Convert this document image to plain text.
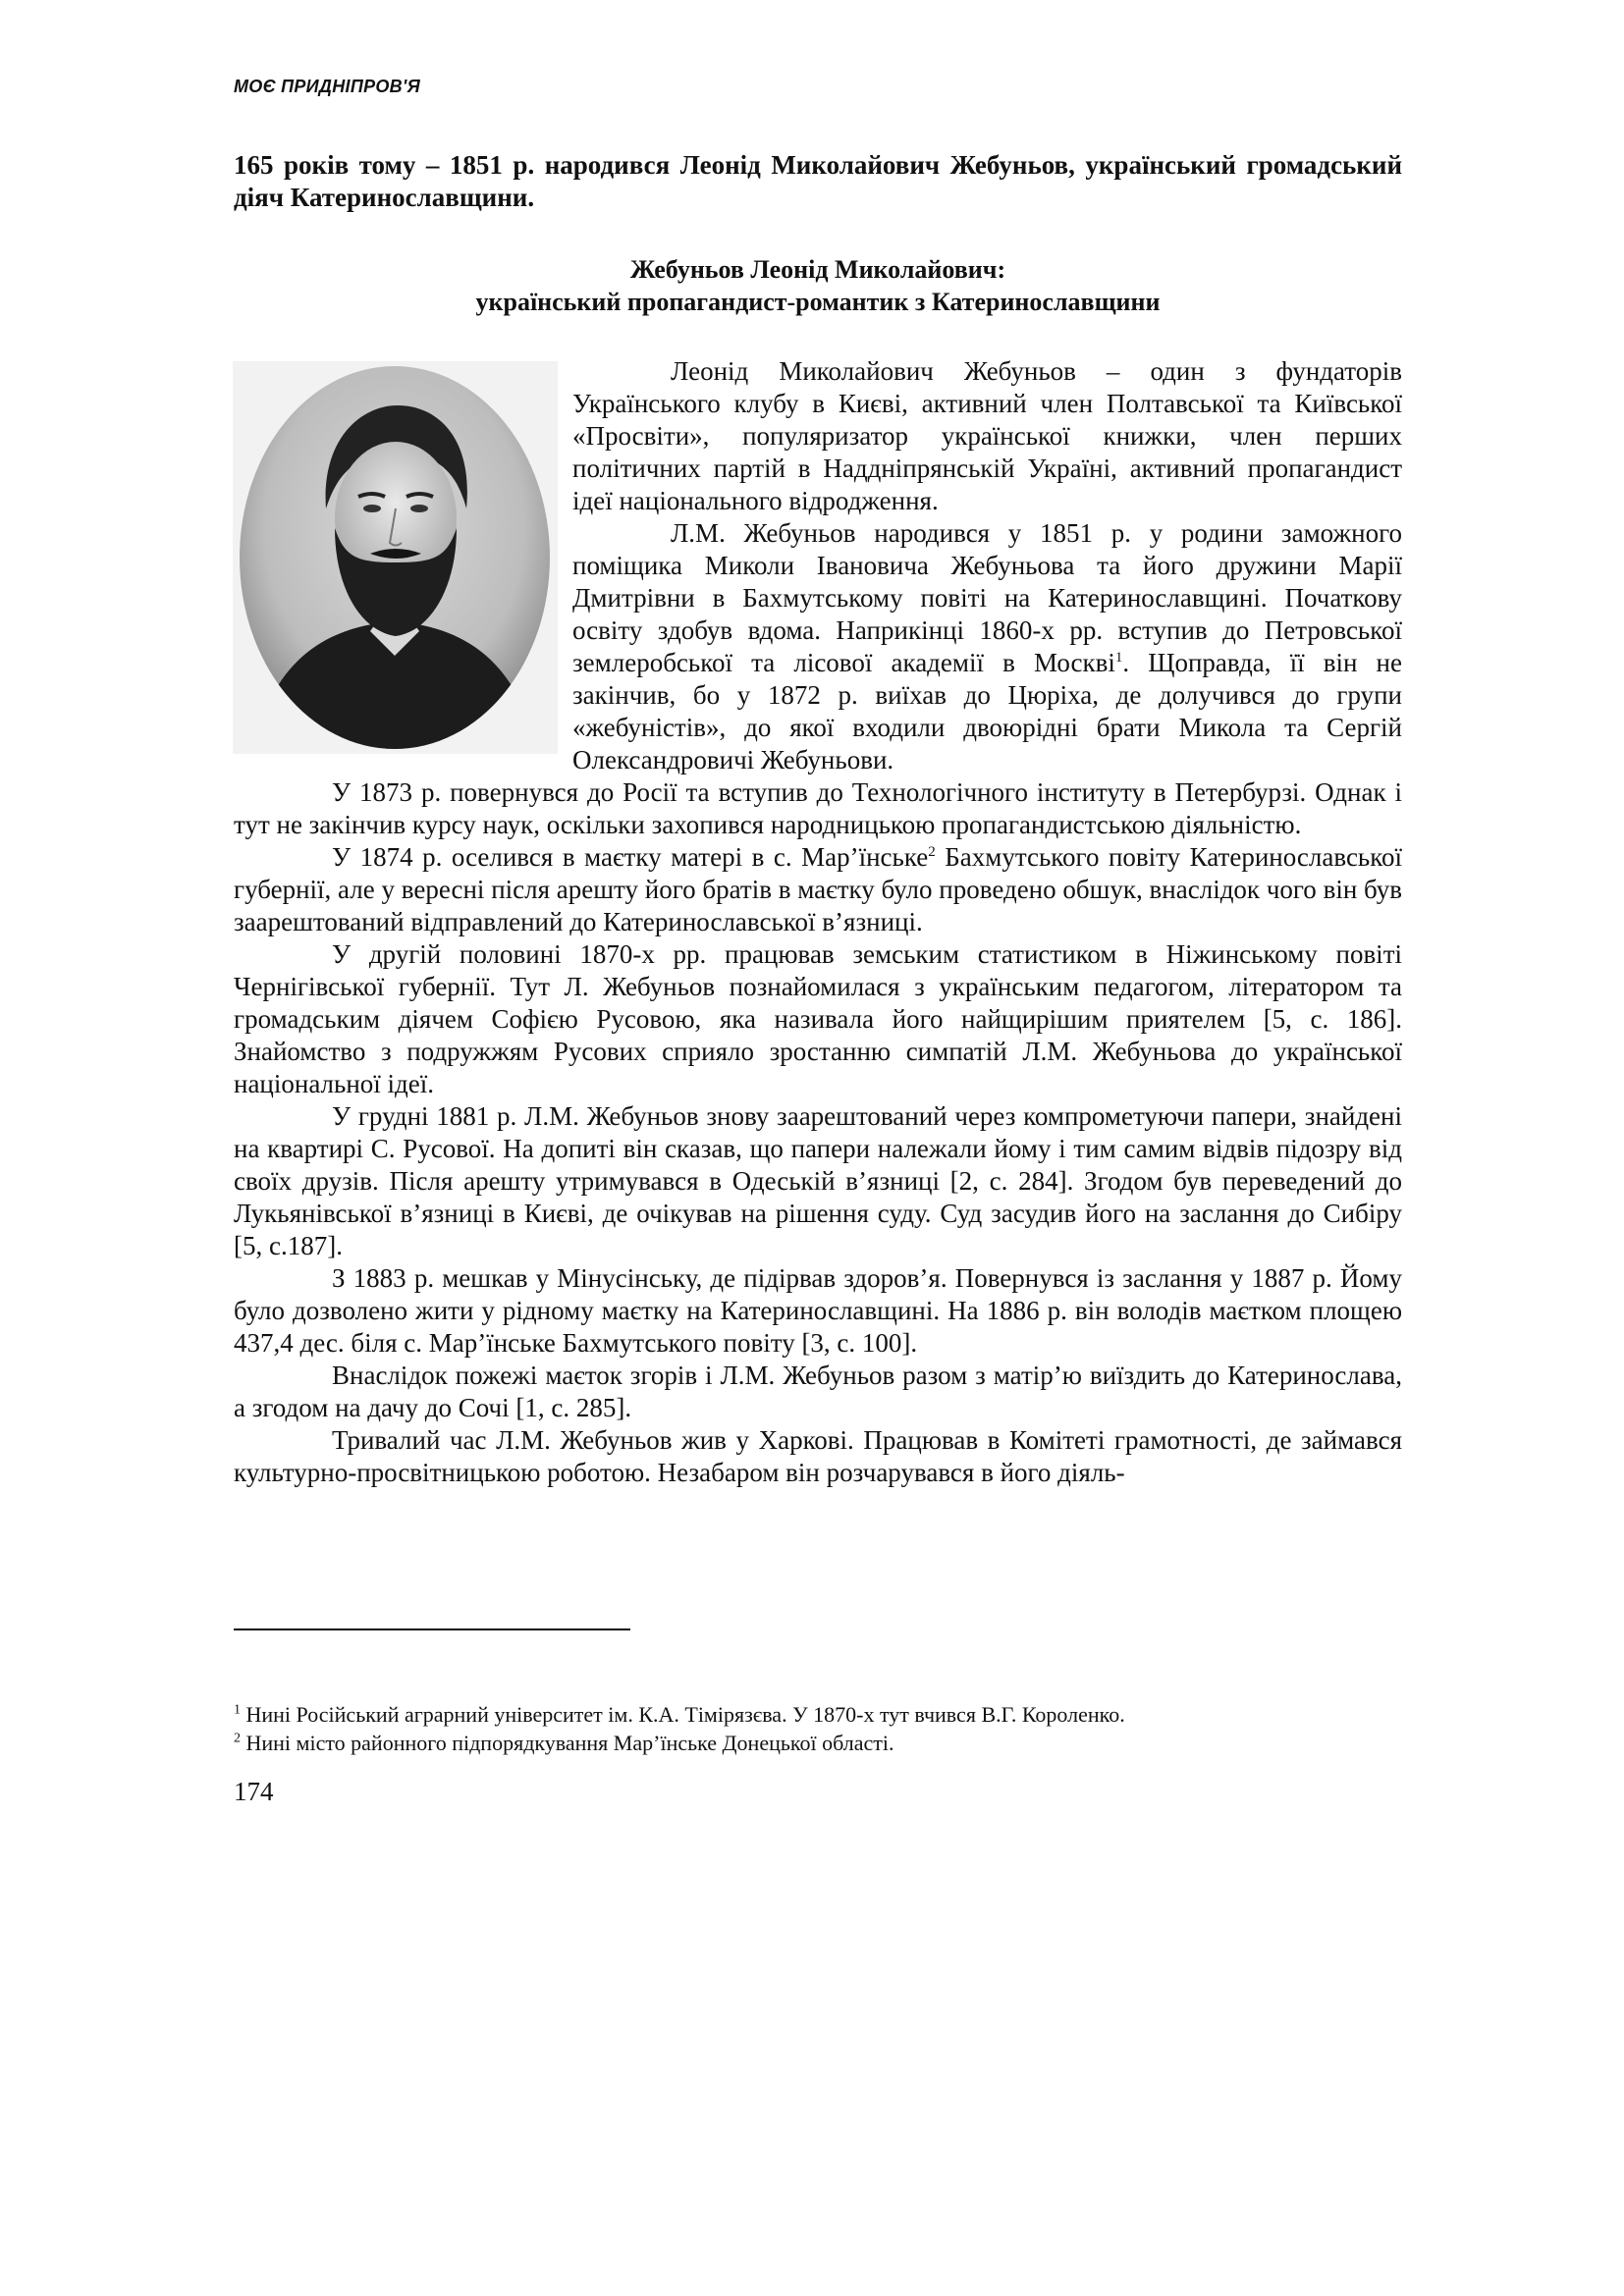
МОЄ ПРИДНІПРОВ'Я
165 років тому – 1851 р. народився Леонід Миколайович Жебуньов, український громадський діяч Катеринославщини.
Жебуньов Леонід Миколайович:
український пропагандист-романтик з Катеринославщини

Леонід Миколайович Жебуньов – один з фундаторів Українського клубу в Києві, активний член Полтавської та Київської «Просвіти», популяризатор української книжки, член перших політичних партій в Наддніпрянській Україні, активний пропагандист ідеї національного відродження.

Л.М. Жебуньов народився у 1851 р. у родини заможного поміщика Миколи Івановича Жебуньова та його дружини Марії Дмитрівни в Бахмутському повіті на Катеринославщині. Початкову освіту здобув вдома. Наприкінці 1860-х рр. вступив до Петровської землеробської та лісової академії в Москві$^1$. Щоправда, її він не закінчив, бо у 1872 р. виїхав до Цюріха, де долучився до групи «жебуністів», до якої входили двоюрідні брати Микола та Сергій Олександровичі Жебуньови.

У 1873 р. повернувся до Росії та вступив до Технологічного інституту в Петербурзі. Однак і тут не закінчив курсу наук, оскільки захопився народницькою пропагандистською діяльністю.

У 1874 р. оселився в маєтку матері в с. Мар’їнське$^2$ Бахмутського повіту Катеринославської губернії, але у вересні після арешту його братів в маєтку було проведено обшук, внаслідок чого він був заарештований відправлений до Катеринославської в’язниці.

У другій половині 1870-х рр. працював земським статистиком в Ніжинському повіті Чернігівської губернії. Тут Л. Жебуньов познайомилася з українським педагогом, літератором та громадським діячем Софією Русовою, яка називала його найщирішим приятелем [5, с. 186]. Знайомство з подружжям Русових сприяло зростанню симпатій Л.М. Жебуньова до української національної ідеї.

У грудні 1881 р. Л.М. Жебуньов знову заарештований через компрометуючи папери, знайдені на квартирі С. Русової. На допиті він сказав, що папери належали йому і тим самим відвів підозру від своїх друзів. Після арешту утримувався в Одеській в’язниці [2, с. 284]. Згодом був переведений до Лукьянівської в’язниці в Києві, де очікував на рішення суду. Суд засудив його на заслання до Сибіру [5, с.187].

З 1883 р. мешкав у Мінусінську, де підірвав здоров’я. Повернувся із заслання у 1887 р. Йому було дозволено жити у рідному маєтку на Катеринославщині. На 1886 р. він володів маєтком площею 437,4 дес. біля с. Мар’їнське Бахмутського повіту [3, с. 100].

Внаслідок пожежі маєток згорів і Л.М. Жебуньов разом з матір’ю виїздить до Катеринослава, а згодом на дачу до Сочі [1, с. 285].

Тривалий час Л.М. Жебуньов жив у Харкові. Працював в Комітеті грамотності, де займався культурно-просвітницькою роботою. Незабаром він розчарувався в його діяль-

$^1$ Нині Російський аграрний університет ім. К.А. Тімірязєва. У 1870-х тут вчився В.Г. Короленко.

$^2$ Нині місто районного підпорядкування Мар’їнське Донецької області.

174
